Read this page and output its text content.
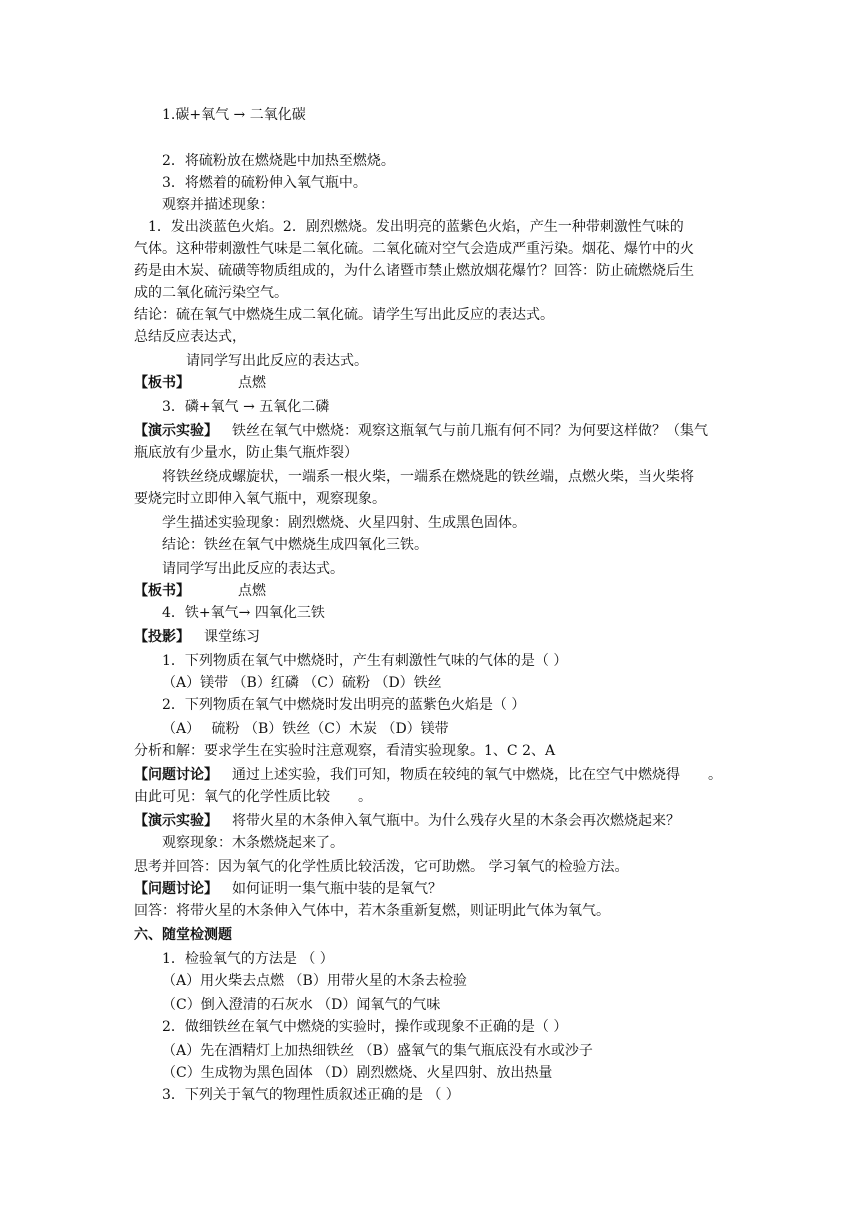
1.碳+氧气 → 二氧化碳
2．将硫粉放在燃烧匙中加热至燃烧。
3．将燃着的硫粉伸入氧气瓶中。
观察并描述现象：
1．发出淡蓝色火焰。2．剧烈燃烧。发出明亮的蓝紫色火焰，产生一种带刺激性气味的
气体。这种带刺激性气味是二氧化硫。二氧化硫对空气会造成严重污染。烟花、爆竹中的火
药是由木炭、硫磺等物质组成的，为什么诸暨市禁止燃放烟花爆竹？回答：防止硫燃烧后生
成的二氧化硫污染空气。
结论：硫在氧气中燃烧生成二氧化硫。请学生写出此反应的表达式。
总结反应表达式，
请同学写出此反应的表达式。
【板书】	点燃
3．磷+氧气 → 五氧化二磷
【演示实验】 铁丝在氧气中燃烧：观察这瓶氧气与前几瓶有何不同？为何要这样做？（集气
瓶底放有少量水，防止集气瓶炸裂）
将铁丝绕成螺旋状，一端系一根火柴，一端系在燃烧匙的铁丝端，点燃火柴，当火柴将
要烧完时立即伸入氧气瓶中，观察现象。
学生描述实验现象：剧烈燃烧、火星四射、生成黑色固体。
结论：铁丝在氧气中燃烧生成四氧化三铁。
请同学写出此反应的表达式。
【板书】	点燃
4．铁+氧气→ 四氧化三铁
【投影】 课堂练习
1．下列物质在氧气中燃烧时，产生有刺激性气味的气体的是（ ）
（A）镁带 （B）红磷 （C）硫粉 （D）铁丝
2．下列物质在氧气中燃烧时发出明亮的蓝紫色火焰是（ ）
（A）　 硫粉 （B）铁丝（C）木炭 （D）镁带
分析和解：要求学生在实验时注意观察，看清实验现象。1、C 2、A
【问题讨论】 通过上述实验，我们可知，物质在较纯的氧气中燃烧，比在空气中燃烧得　　。
由此可见：氧气的化学性质比较　　。
【演示实验】 将带火星的木条伸入氧气瓶中。为什么残存火星的木条会再次燃烧起来？
观察现象：木条燃烧起来了。
思考并回答：因为氧气的化学性质比较活泼，它可助燃。 学习氧气的检验方法。
【问题讨论】 如何证明一集气瓶中装的是氧气？
回答：将带火星的木条伸入气体中，若木条重新复燃，则证明此气体为氧气。
六、随堂检测题
1．检验氧气的方法是 （ ）
（A）用火柴去点燃 （B）用带火星的木条去检验
（C）倒入澄清的石灰水 （D）闻氧气的气味
2．做细铁丝在氧气中燃烧的实验时，操作或现象不正确的是（ ）
（A）先在酒精灯上加热细铁丝 （B）盛氧气的集气瓶底没有水或沙子
（C）生成物为黑色固体 （D）剧烈燃烧、火星四射、放出热量
3．下列关于氧气的物理性质叙述正确的是 （ ）
